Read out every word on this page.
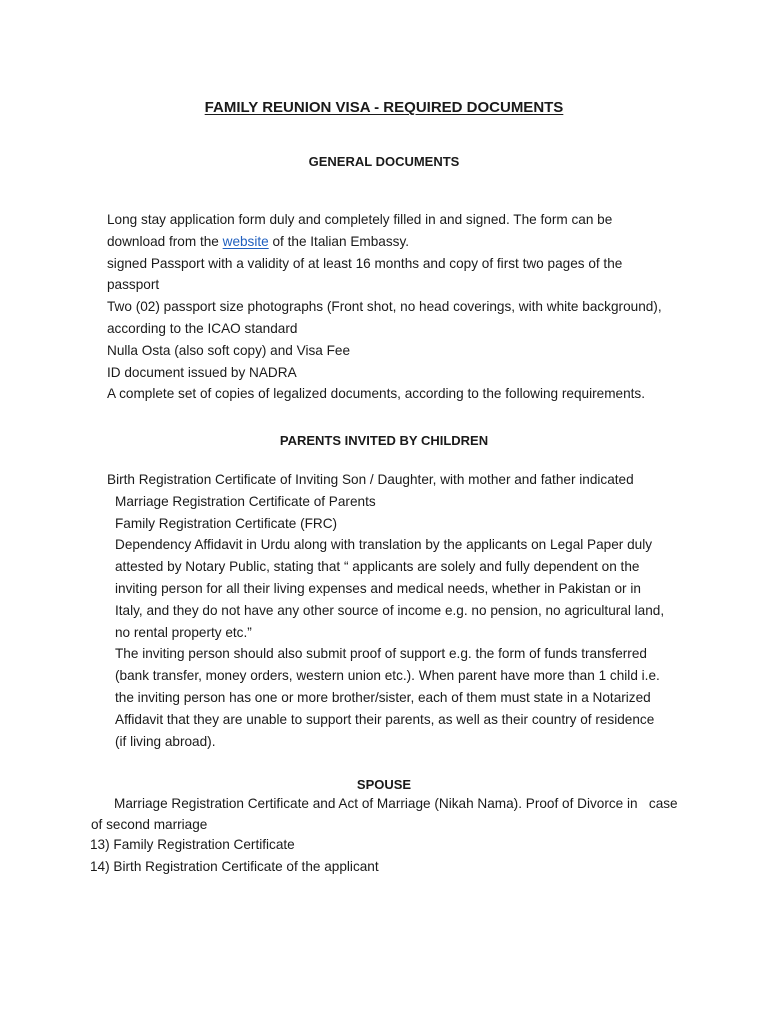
FAMILY REUNION VISA - REQUIRED DOCUMENTS
GENERAL DOCUMENTS

Long stay application form duly and completely filled in and signed. The form can be

download from the website of the Italian Embassy.

signed Passport with a validity of at least 16 months and copy of first two pages of the

passport

Two (02) passport size photographs (Front shot, no head coverings, with white background),

according to the ICAO standard

Nulla Osta (also soft copy) and Visa Fee

ID document issued by NADRA

A complete set of copies of legalized documents, according to the following requirements.

PARENTS INVITED BY CHILDREN

Birth Registration Certificate of Inviting Son / Daughter, with mother and father indicated

Marriage Registration Certificate of Parents

Family Registration Certificate (FRC)

Dependency Affidavit in Urdu along with translation by the applicants on Legal Paper duly

attested by Notary Public, stating that “ applicants are solely and fully dependent on the

inviting person for all their living expenses and medical needs, whether in Pakistan or in

Italy, and they do not have any other source of income e.g. no pension, no agricultural land,

no rental property etc.”

The inviting person should also submit proof of support e.g. the form of funds transferred

(bank transfer, money orders, western union etc.). When parent have more than 1 child i.e.

the inviting person has one or more brother/sister, each of them must state in a Notarized

Affidavit that they are unable to support their parents, as well as their country of residence

(if living abroad).

SPOUSE

Marriage Registration Certificate and Act of Marriage (Nikah Nama). Proof of Divorce in   case

of second marriage

13) Family Registration Certificate

14) Birth Registration Certificate of the applicant
